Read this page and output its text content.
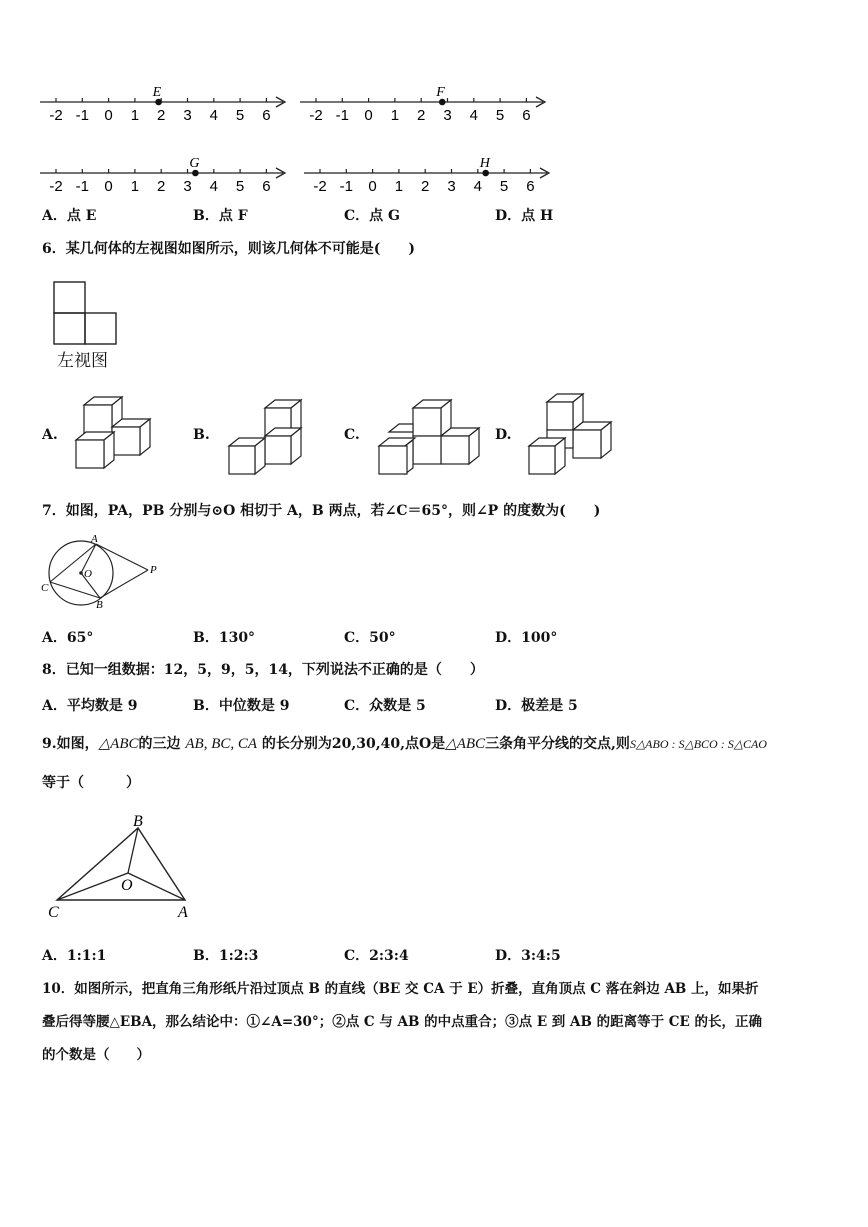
-2 -1 0 1 2 3 4 5 6
E
-2 -1 0 1 2 3 4 5 6
F
-2 -1 0 1 2 3 4 5 6
G
-2 -1 0 1 2 3 4 5 6
H
A．点 E	B．点 F	C．点 G	D．点 H
6．某几何体的左视图如图所示，则该几何体不可能是(　　)
左视图
A.	B.	C.	D.
7．如图，PA，PB 分别与⊙O 相切于 A，B 两点，若∠C＝65°，则∠P 的度数为(　　)
A
O	P
C
B
A．65°	B．130°	C．50°	D．100°
8．已知一组数据：12，5，9，5，14，下列说法不正确的是（　　）
A．平均数是 9	B．中位数是 9	C．众数是 5	D．极差是 5
9.如图，△ABC的三边 AB, BC, CA 的长分别为20,30,40,点O是△ABC三条角平分线的交点,则S△ABO : S△BCO : S△CAO
等于（　　　）
B
O
C	A
A．1:1:1	B．1:2:3	C．2:3:4	D．3:4:5
10．如图所示，把直角三角形纸片沿过顶点 B 的直线（BE 交 CA 于 E）折叠，直角顶点 C 落在斜边 AB 上，如果折
叠后得等腰△EBA，那么结论中：①∠A=30°；②点 C 与 AB 的中点重合；③点 E 到 AB 的距离等于 CE 的长，正确
的个数是（　　）
